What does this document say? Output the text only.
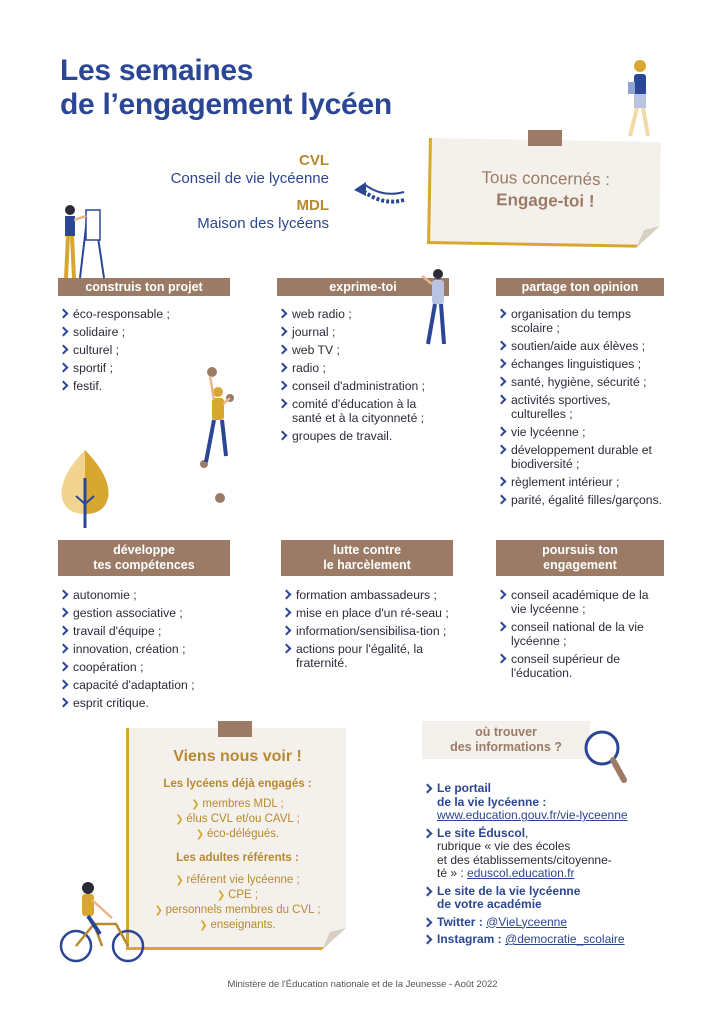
Les semaines
de l’engagement lycéen
CVL
Conseil de vie lycéenne
MDL
Maison des lycéens
Tous concernés :
Engage-toi !
construis ton projet
éco-responsable ;
solidaire ;
culturel ;
sportif ;
festif.
exprime-toi
web radio ;
journal ;
web TV ;
radio ;
conseil d'administration ;
comité d'éducation à la santé et à la cityonneté ;
groupes de travail.
partage ton opinion
organisation du temps scolaire ;
soutien/aide aux élèves ;
échanges linguistiques ;
santé, hygiène, sécurité ;
activités sportives, culturelles ;
vie lycéenne ;
développement durable et biodiversité ;
règlement intérieur ;
parité, égalité filles/garçons.
développe
tes compétences
autonomie ;
gestion associative ;
travail d'équipe ;
innovation, création ;
coopération ;
capacité d'adaptation ;
esprit critique.
lutte contre
le harcèlement
formation ambassadeurs ;
mise en place d'un ré-seau ;
information/sensibilisa-tion ;
actions pour l'égalité, la fraternité.
poursuis ton
engagement
conseil académique de la vie lycéenne ;
conseil national de la vie lycéenne ;
conseil supérieur de l'éducation.
Viens nous voir !
Les lycéens déjà engagés :
❯ membres MDL ;
❯ élus CVL et/ou CAVL ;
❯ éco-délégués.
Les adultes référents :
❯ référent vie lycéenne ;
❯ CPE ;
❯ personnels membres du CVL ;
❯ enseignants.
où trouver
des informations ?
Le portail
de la vie lycéenne :
www.education.gouv.fr/vie-lyceenne
Le site Éduscol,
rubrique « vie des écoles
et des établissements/citoyenne-
té » : eduscol.education.fr
Le site de la vie lycéenne
de votre académie
Twitter : @VieLyceenne
Instagram : @democratie_scolaire
Ministère de l'Éducation nationale et de la Jeunesse - Août 2022
